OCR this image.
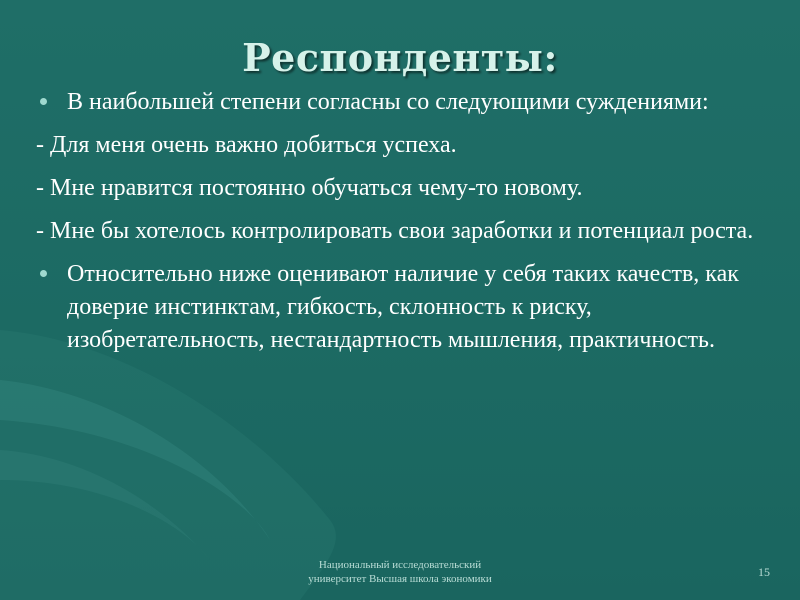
Респонденты:
В наибольшей степени согласны со следующими суждениями:
- Для меня очень важно добиться успеха.
- Мне нравится постоянно обучаться чему-то новому.
- Мне бы хотелось контролировать свои заработки и потенциал роста.
Относительно ниже оценивают наличие у себя таких качеств, как доверие инстинктам, гибкость, склонность к риску, изобретательность, нестандартность мышления, практичность.
Национальный исследовательский
университет Высшая школа экономики	15
